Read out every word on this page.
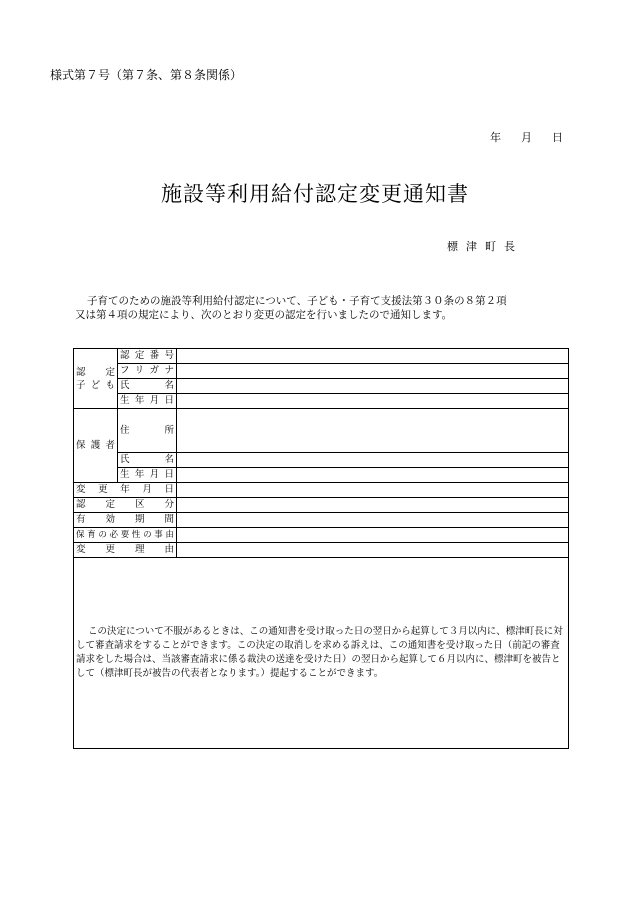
様式第７号（第７条、第８条関係）
年 月 日
施設等利用給付認定変更通知書
標津町長

子育てのための施設等利用給付認定について、子ども・子育て支援法第３０条の８第２項

又は第４項の規定により、次のとおり変更の認定を行いましたので通知します。

認　　定
子 ど も	認定番号	
	フリガナ	
	氏名	
	生年月日	
保護者	住所	
	氏名	
	生年月日	
変更年月日		
認定区分		
有効期間		
保育の必要性の事由		
変更理由		

この決定について不服があるときは、この通知書を受け取った日の翌日から起算して３月以内に、標津町長に対して審査請求をすることができます。この決定の取消しを求める訴えは、この通知書を受け取った日（前記の審査請求をした場合は、当該審査請求に係る裁決の送達を受けた日）の翌日から起算して６月以内に、標津町を被告として（標津町長が被告の代表者となります。）提起することができます。		
